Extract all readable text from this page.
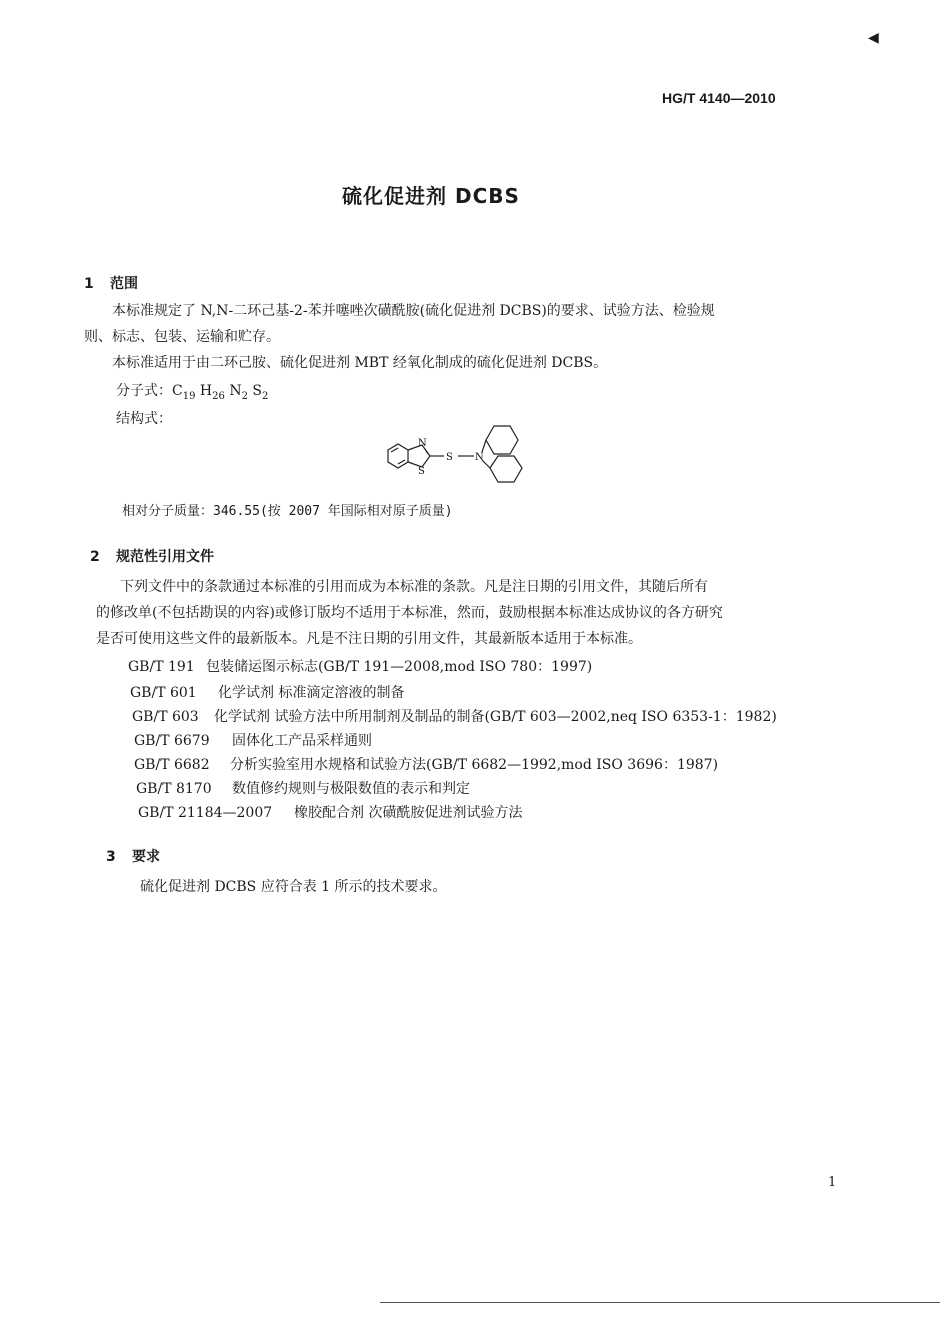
◀
HG/T 4140—2010
硫化促进剂 DCBS
1 范围
本标准规定了 N,N-二环己基-2-苯并噻唑次磺酰胺(硫化促进剂 DCBS)的要求、试验方法、检验规
则、标志、包装、运输和贮存。
本标准适用于由二环己胺、硫化促进剂 MBT 经氧化制成的硫化促进剂 DCBS。
分子式：$C_{19}$ $H_{26}$ $N_2$ $S_2$
结构式：
N
S
S N
相对分子质量：346.55(按 2007 年国际相对原子质量)
2 规范性引用文件
下列文件中的条款通过本标准的引用而成为本标准的条款。凡是注日期的引用文件，其随后所有
的修改单(不包括勘误的内容)或修订版均不适用于本标准，然而，鼓励根据本标准达成协议的各方研究
是否可使用这些文件的最新版本。凡是不注日期的引用文件，其最新版本适用于本标准。
GB/T 191 包装储运图示标志(GB/T 191—2008,mod ISO 780：1997)
GB/T 601 化学试剂 标准滴定溶液的制备
GB/T 603 化学试剂 试验方法中所用制剂及制品的制备(GB/T 603—2002,neq ISO 6353-1：1982)
GB/T 6679 固体化工产品采样通则
GB/T 6682 分析实验室用水规格和试验方法(GB/T 6682—1992,mod ISO 3696：1987)
GB/T 8170 数值修约规则与极限数值的表示和判定
GB/T 21184—2007 橡胶配合剂 次磺酰胺促进剂试验方法
3 要求
硫化促进剂 DCBS 应符合表 1 所示的技术要求。
1
